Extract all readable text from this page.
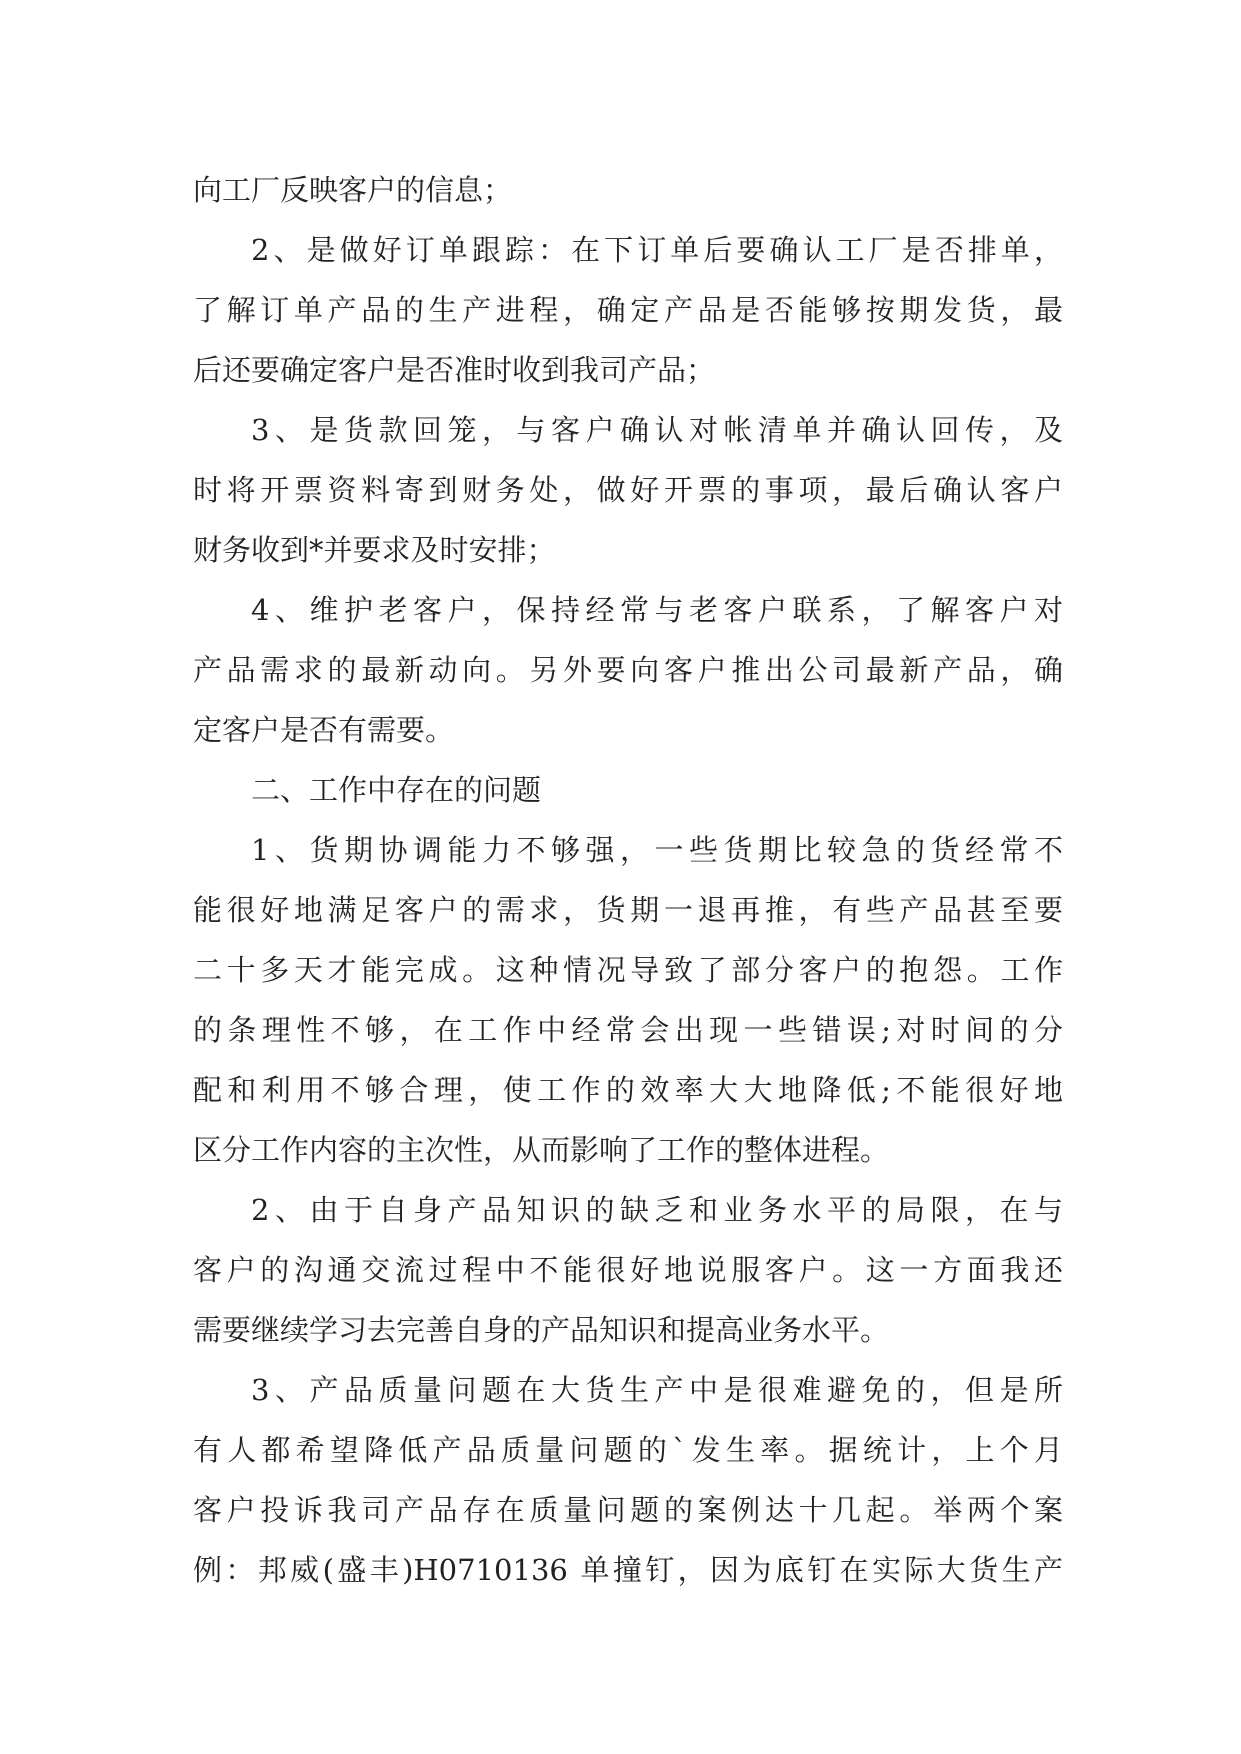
向工厂反映客户的信息；
2、是做好订单跟踪：在下订单后要确认工厂是否排单，
了解订单产品的生产进程，确定产品是否能够按期发货，最
后还要确定客户是否准时收到我司产品；
3、是货款回笼，与客户确认对帐清单并确认回传，及
时将开票资料寄到财务处，做好开票的事项，最后确认客户
财务收到*并要求及时安排；
4、维护老客户，保持经常与老客户联系，了解客户对
产品需求的最新动向。另外要向客户推出公司最新产品，确
定客户是否有需要。
二、工作中存在的问题
1、货期协调能力不够强，一些货期比较急的货经常不
能很好地满足客户的需求，货期一退再推，有些产品甚至要
二十多天才能完成。这种情况导致了部分客户的抱怨。工作
的条理性不够，在工作中经常会出现一些错误;对时间的分
配和利用不够合理，使工作的效率大大地降低;不能很好地
区分工作内容的主次性，从而影响了工作的整体进程。
2、由于自身产品知识的缺乏和业务水平的局限，在与
客户的沟通交流过程中不能很好地说服客户。这一方面我还
需要继续学习去完善自身的产品知识和提高业务水平。
3、产品质量问题在大货生产中是很难避免的，但是所
有人都希望降低产品质量问题的`发生率。据统计，上个月
客户投诉我司产品存在质量问题的案例达十几起。举两个案
例：邦威(盛丰)H0710136 单撞钉，因为底钉在实际大货生产
